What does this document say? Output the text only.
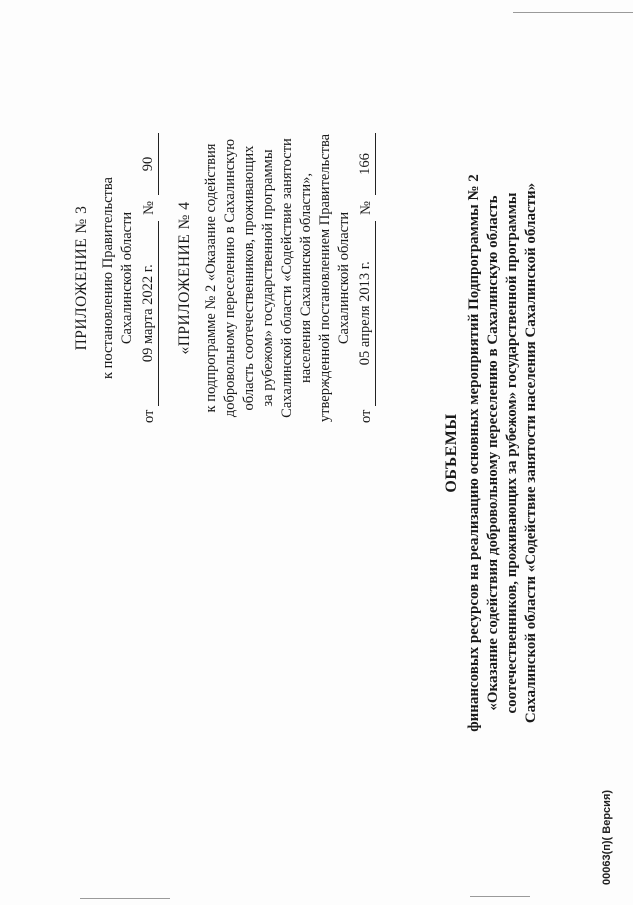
ПРИЛОЖЕНИЕ № 3 к постановлению Правительства Сахалинской области
от
09 марта 2022 г.
№
90
«ПРИЛОЖЕНИЕ № 4 к подпрограмме № 2 «Оказание содействия добровольному переселению в Сахалинскую область соотечественников, проживающих за рубежом» государственной программы Сахалинской области «Содействие занятости населения Сахалинской области», утвержденной постановлением Правительства Сахалинской области
от
05 апреля 2013 г.
№
166
ОБЪЕМЫ финансовых ресурсов на реализацию основных мероприятий Подпрограммы № 2 «Оказание содействия добровольному переселению в Сахалинскую область соотечественников, проживающих за рубежом» государственной программы Сахалинской области «Содействие занятости населения Сахалинской области»
00063(п)( Версия)
